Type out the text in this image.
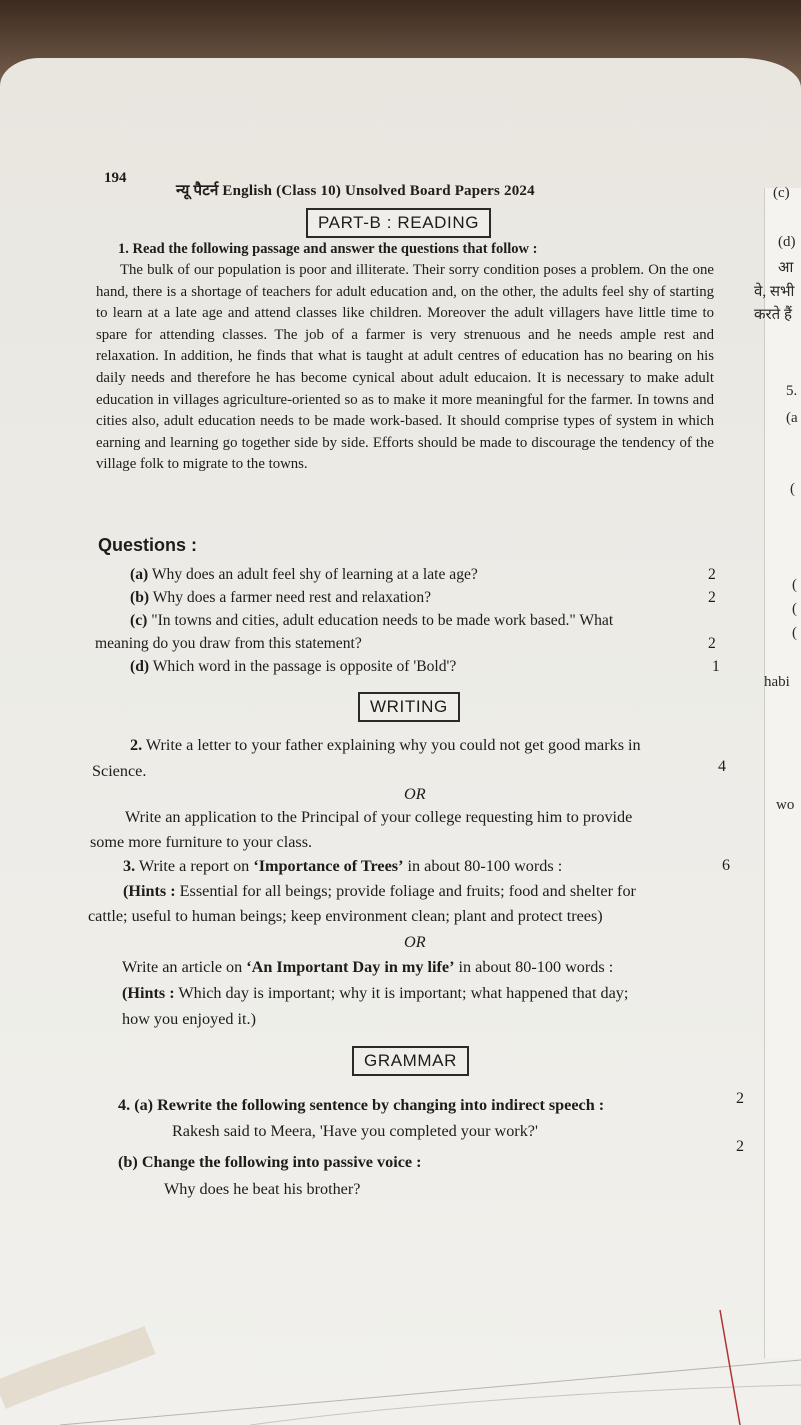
194
न्यू पैटर्न English (Class 10) Unsolved Board Papers 2024
PART-B : READING
1. Read the following passage and answer the questions that follow :
The bulk of our population is poor and illiterate. Their sorry condition poses a problem. On the one hand, there is a shortage of teachers for adult education and, on the other, the adults feel shy of starting to learn at a late age and attend classes like children. Moreover the adult villagers have little time to spare for attending classes. The job of a farmer is very strenuous and he needs ample rest and relaxation. In addition, he finds that what is taught at adult centres of education has no bearing on his daily needs and therefore he has become cynical about adult educaion. It is necessary to make adult education in villages agriculture-oriented so as to make it more meaningful for the farmer. In towns and cities also, adult education needs to be made work-based. It should comprise types of system in which earning and learning go together side by side. Efforts should be made to discourage the tendency of the village folk to migrate to the towns.
Questions :
(a) Why does an adult feel shy of learning at a late age?	2
(b) Why does a farmer need rest and relaxation?	2
(c) "In towns and cities, adult education needs to be made work based." What
meaning do you draw from this statement?	2
(d) Which word in the passage is opposite of 'Bold'?	1
WRITING
2. Write a letter to your father explaining why you could not get good marks in
Science.	4
OR
Write an application to the Principal of your college requesting him to provide
some more furniture to your class.
3. Write a report on ‘Importance of Trees’ in about 80-100 words :	6
(Hints : Essential for all beings; provide foliage and fruits; food and shelter for
cattle; useful to human beings; keep environment clean; plant and protect trees)
OR
Write an article on ‘An Important Day in my life’ in about 80-100 words :
(Hints : Which day is important; why it is important; what happened that day;
how you enjoyed it.)
GRAMMAR
4. (a) Rewrite the following sentence by changing into indirect speech :	2
Rakesh said to Meera, 'Have you completed your work?'
(b) Change the following into passive voice :
2
Why does he beat his brother?
(c)
(d)
आ
वे, सभी
करते हैं
5.
(a
(
(
(
(
habi
wo
